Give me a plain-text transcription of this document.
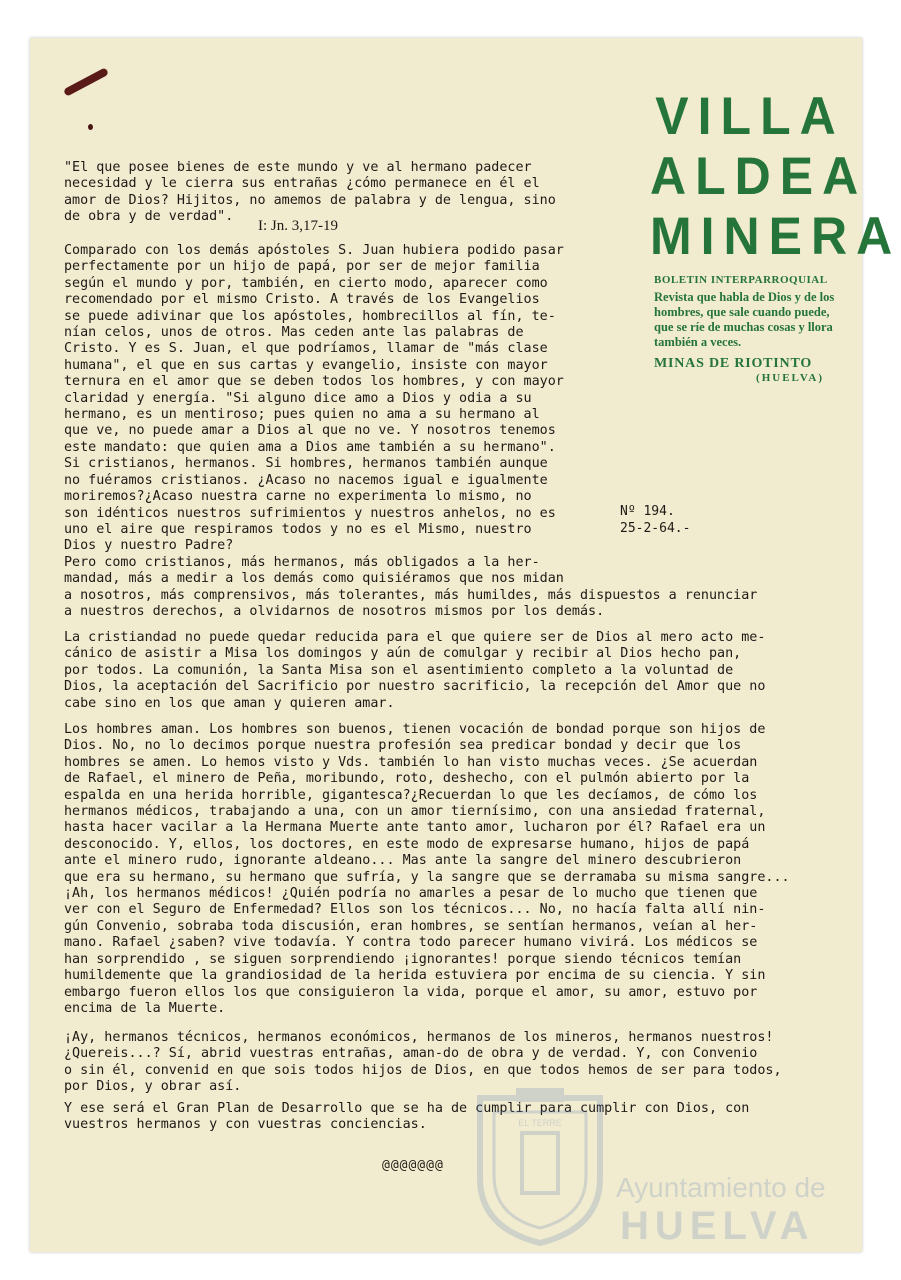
VILLA
ALDEA
MINERA
BOLETIN INTERPARROQUIAL
Revista que habla de Dios y de los hombres, que sale cuando puede, que se ríe de muchas cosas y llora también a veces.
MINAS DE RIOTINTO
(HUELVA)
"El que posee bienes de este mundo y ve al hermano padecer
necesidad y le cierra sus entrañas ¿cómo permanece en él el
amor de Dios? Hijitos, no amemos de palabra y de lengua, sino
de obra y de verdad".
I: Jn. 3,17-19
Comparado con los demás apóstoles S. Juan hubiera podido pasar
perfectamente por un hijo de papá, por ser de mejor familia
según el mundo y por, también, en cierto modo, aparecer como
recomendado por el mismo Cristo. A través de los Evangelios
se puede adivinar que los apóstoles, hombrecillos al fín, te-
nían celos, unos de otros. Mas ceden ante las palabras de
Cristo. Y es S. Juan, el que podríamos, llamar de "más clase
humana", el que en sus cartas y evangelio, insiste con mayor
ternura en el amor que se deben todos los hombres, y con mayor
claridad y energía. "Si alguno dice amo a Dios y odia a su
hermano, es un mentiroso; pues quien no ama a su hermano al
que ve, no puede amar a Dios al que no ve. Y nosotros tenemos
este mandato: que quien ama a Dios ame también a su hermano".
Si cristianos, hermanos. Si hombres, hermanos también aunque
no fuéramos cristianos. ¿Acaso no nacemos igual e igualmente
moriremos?¿Acaso nuestra carne no experimenta lo mismo, no
son idénticos nuestros sufrimientos y nuestros anhelos, no es
uno el aire que respiramos todos y no es el Mismo, nuestro
Dios y nuestro Padre?
Pero como cristianos, más hermanos, más obligados a la her-
mandad, más a medir a los demás como quisiéramos que nos midan
a nosotros, más comprensivos, más tolerantes, más humildes, más dispuestos a renunciar
a nuestros derechos, a olvidarnos de nosotros mismos por los demás.
Nº 194.
25-2-64.-
La cristiandad no puede quedar reducida para el que quiere ser de Dios al mero acto me-
cánico de asistir a Misa los domingos y aún de comulgar y recibir al Dios hecho pan,
por todos. La comunión, la Santa Misa son el asentimiento completo a la voluntad de
Dios, la aceptación del Sacrificio por nuestro sacrificio, la recepción del Amor que no
cabe sino en los que aman y quieren amar.
Los hombres aman. Los hombres son buenos, tienen vocación de bondad porque son hijos de
Dios. No, no lo decimos porque nuestra profesión sea predicar bondad y decir que los
hombres se amen. Lo hemos visto y Vds. también lo han visto muchas veces. ¿Se acuerdan
de Rafael, el minero de Peña, moribundo, roto, deshecho, con el pulmón abierto por la
espalda en una herida horrible, gigantesca?¿Recuerdan lo que les decíamos, de cómo los
hermanos médicos, trabajando a una, con un amor tiernísimo, con una ansiedad fraternal,
hasta hacer vacilar a la Hermana Muerte ante tanto amor, lucharon por él? Rafael era un
desconocido. Y, ellos, los doctores, en este modo de expresarse humano, hijos de papá
ante el minero rudo, ignorante aldeano... Mas ante la sangre del minero descubrieron
que era su hermano, su hermano que sufría, y la sangre que se derramaba su misma sangre...
¡Ah, los hermanos médicos! ¿Quién podría no amarles a pesar de lo mucho que tienen que
ver con el Seguro de Enfermedad? Ellos son los técnicos... No, no hacía falta allí nin-
gún Convenio, sobraba toda discusión, eran hombres, se sentían hermanos, veían al her-
mano. Rafael ¿saben? vive todavía. Y contra todo parecer humano vivirá. Los médicos se
han sorprendido , se siguen sorprendiendo ¡ignorantes! porque siendo técnicos temían
humildemente que la grandiosidad de la herida estuviera por encima de su ciencia. Y sin
embargo fueron ellos los que consiguieron la vida, porque el amor, su amor, estuvo por
encima de la Muerte.
¡Ay, hermanos técnicos, hermanos económicos, hermanos de los mineros, hermanos nuestros!
¿Quereis...? Sí, abrid vuestras entrañas, aman-do de obra y de verdad. Y, con Convenio
o sin él, convenid en que sois todos hijos de Dios, en que todos hemos de ser para todos,
por Dios, y obrar así.
Y ese será el Gran Plan de Desarrollo que se ha de cumplir para cumplir con Dios, con
vuestros hermanos y con vuestras conciencias.
@@@@@@@
EL TERRE
Ayuntamiento de
HUELVA
